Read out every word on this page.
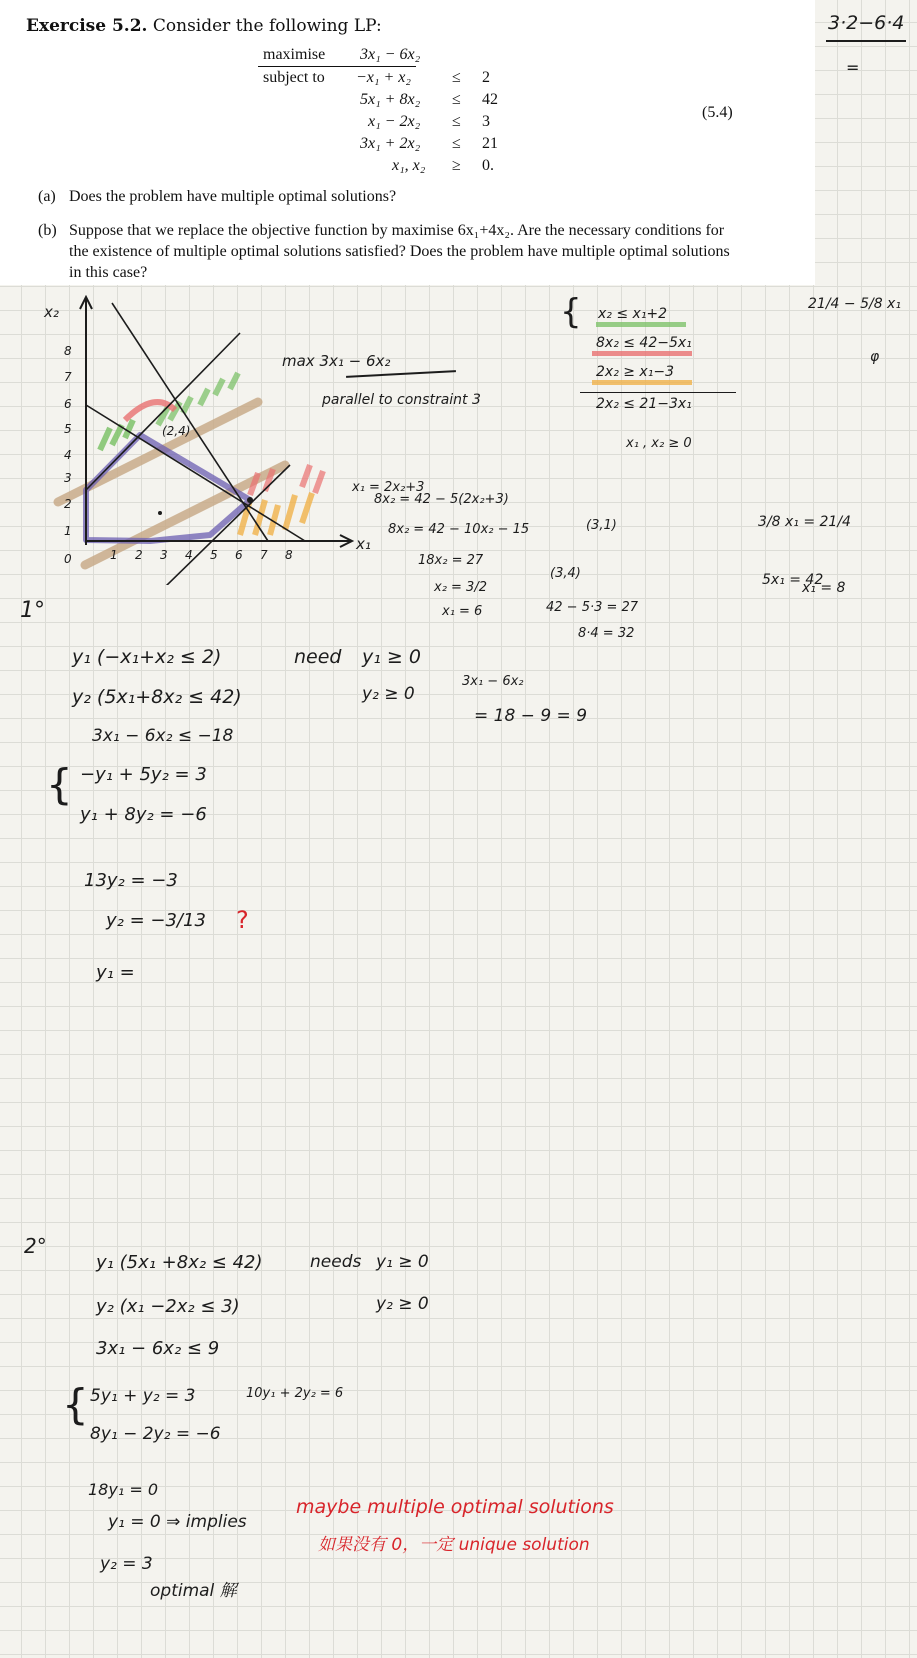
Exercise 5.2. Consider the following LP:
maximise 3x₁ − 6x₂
subject to −x₁ + x₂	≤ 2
5x₁ + 8x₂ ≤ 42
x₁ − 2x₂ ≤ 3
3x₁ + 2x₂ ≤ 21
x₁, x₂ ≥ 0.
(5.4)
(a) Does the problem have multiple optimal solutions?
(b) Suppose that we replace the objective function by maximise 6x₁+4x₂. Are the necessary conditions for the existence of multiple optimal solutions satisfied? Does the problem have multiple optimal solutions in this case?
3·2−6·4
=
21/4 − 5/8 x₁
φ
x₂
x₁
(2,4)
8
7
6
5
4
3
2
1
0	1 2 3 4 5 6 7 8
max 3x₁ − 6x₂
parallel to constraint 3
{ x₂ ≤ x₁+2
8x₂ ≤ 42−5x₁
2x₂ ≥ x₁−3
2x₂ ≤ 21−3x₁
x₁ , x₂ ≥ 0
x₁ = 2x₂+3
8x₂ = 42 − 5(2x₂+3)
8x₂ = 42 − 10x₂ − 15
18x₂ = 27
x₂ = 3/2
x₁ = 6
(3,1)
(3,4)
42 − 5·3 = 27
8·4 = 32
3x₁ − 6x₂
= 18 − 9 = 9
3/8 x₁ = 21/4
5x₁ = 42
x₁ = 8
1°
y₁ (−x₁+x₂ ≤ 2)
y₂ (5x₁+8x₂ ≤ 42)
3x₁ − 6x₂ ≤ −18
need y₁ ≥ 0
y₂ ≥ 0
{ −y₁ + 5y₂ = 3
y₁ + 8y₂ = −6
13y₂ = −3
y₂ = −3/13
y₁ =
?
2°
y₁ (5x₁ +8x₂ ≤ 42)
y₂ (x₁ −2x₂ ≤ 3)
3x₁ − 6x₂ ≤ 9
needs y₁ ≥ 0
y₂ ≥ 0
{ 5y₁ + y₂ = 3
8y₁ − 2y₂ = −6
10y₁ + 2y₂ = 6
18y₁ = 0
y₁ = 0 ⇒ implies
y₂ = 3
optimal 解
maybe multiple optimal solutions
如果没有 0，一定 unique solution
